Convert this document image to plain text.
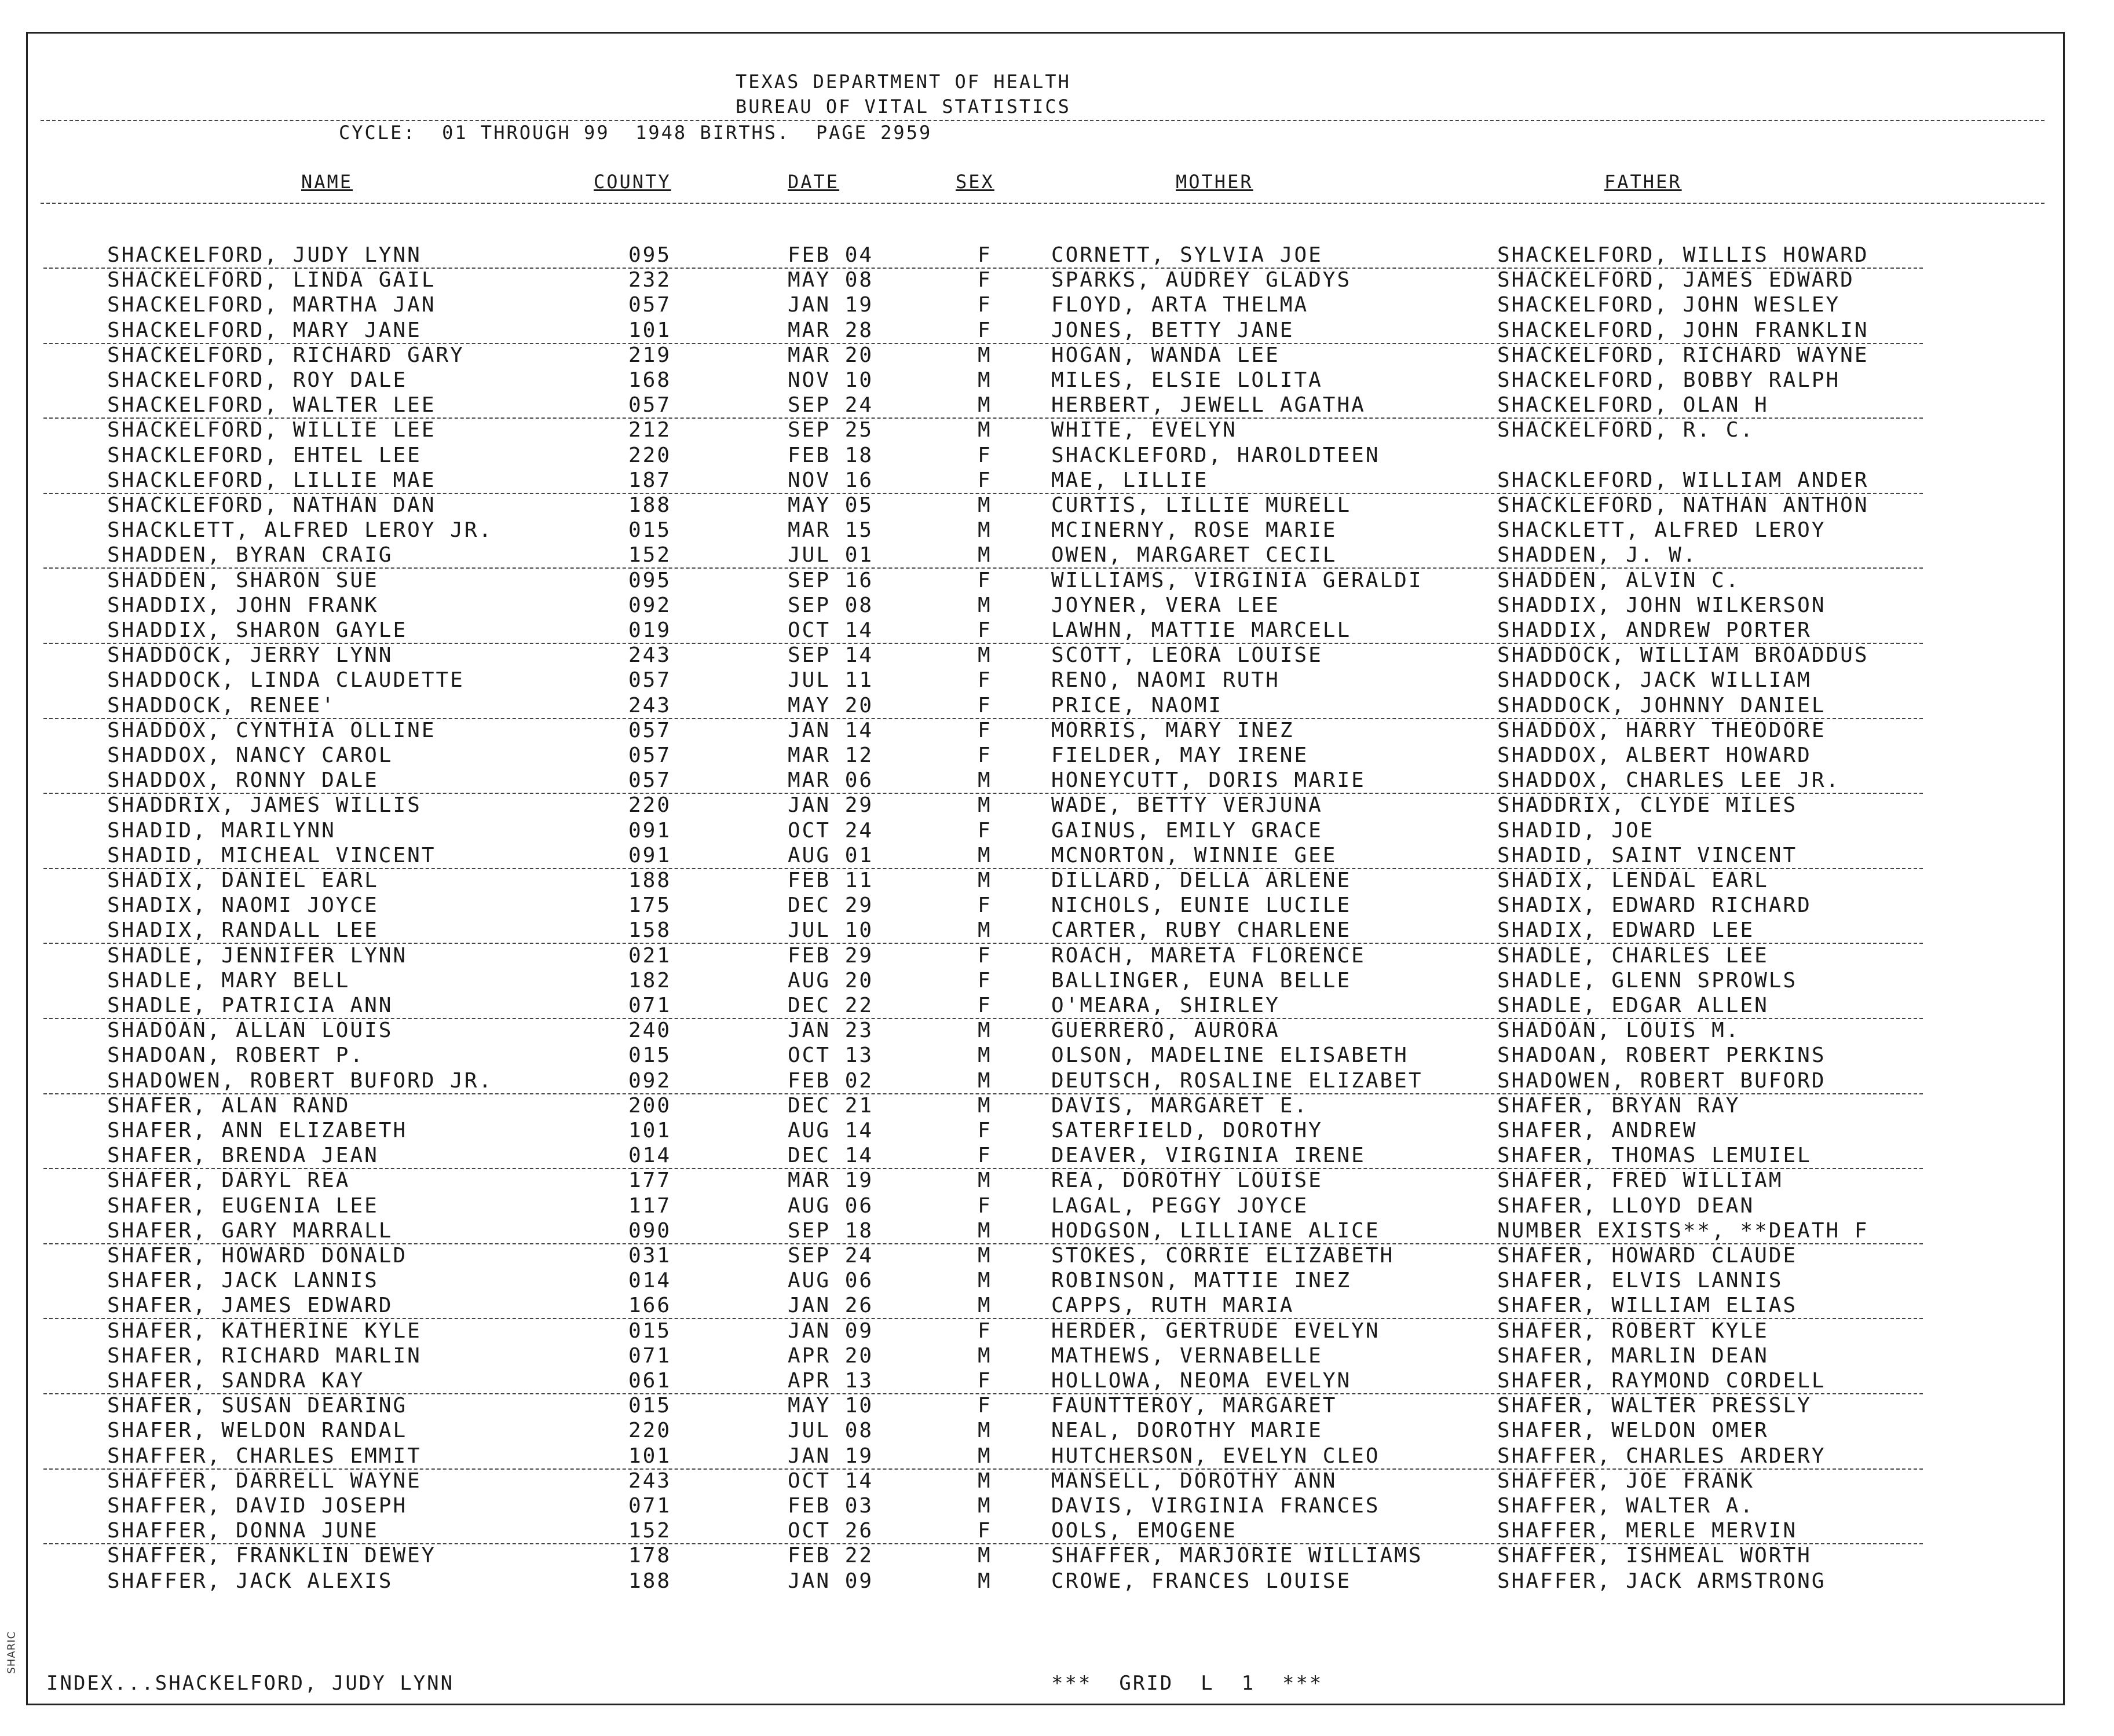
SHARIC
TEXAS DEPARTMENT OF HEALTH
BUREAU OF VITAL STATISTICS
CYCLE:  01 THROUGH 99  1948 BIRTHS.  PAGE 2959
NAME	COUNTY	DATE	SEX	MOTHER	FATHER
SHACKELFORD, JUDY LYNN	095	FEB 04	F	CORNETT, SYLVIA JOE	SHACKELFORD, WILLIS HOWARD
SHACKELFORD, LINDA GAIL	232	MAY 08	F	SPARKS, AUDREY GLADYS	SHACKELFORD, JAMES EDWARD
SHACKELFORD, MARTHA JAN	057	JAN 19	F	FLOYD, ARTA THELMA	SHACKELFORD, JOHN WESLEY
SHACKELFORD, MARY JANE	101	MAR 28	F	JONES, BETTY JANE	SHACKELFORD, JOHN FRANKLIN
SHACKELFORD, RICHARD GARY	219	MAR 20	M	HOGAN, WANDA LEE	SHACKELFORD, RICHARD WAYNE
SHACKELFORD, ROY DALE	168	NOV 10	M	MILES, ELSIE LOLITA	SHACKELFORD, BOBBY RALPH
SHACKELFORD, WALTER LEE	057	SEP 24	M	HERBERT, JEWELL AGATHA	SHACKELFORD, OLAN H
SHACKELFORD, WILLIE LEE	212	SEP 25	M	WHITE, EVELYN	SHACKELFORD, R. C.
SHACKLEFORD, EHTEL LEE	220	FEB 18	F	SHACKLEFORD, HAROLDTEEN
SHACKLEFORD, LILLIE MAE	187	NOV 16	F	MAE, LILLIE	SHACKLEFORD, WILLIAM ANDER
SHACKLEFORD, NATHAN DAN	188	MAY 05	M	CURTIS, LILLIE MURELL	SHACKLEFORD, NATHAN ANTHON
SHACKLETT, ALFRED LEROY JR.	015	MAR 15	M	MCINERNY, ROSE MARIE	SHACKLETT, ALFRED LEROY
SHADDEN, BYRAN CRAIG	152	JUL 01	M	OWEN, MARGARET CECIL	SHADDEN, J. W.
SHADDEN, SHARON SUE	095	SEP 16	F	WILLIAMS, VIRGINIA GERALDI	SHADDEN, ALVIN C.
SHADDIX, JOHN FRANK	092	SEP 08	M	JOYNER, VERA LEE	SHADDIX, JOHN WILKERSON
SHADDIX, SHARON GAYLE	019	OCT 14	F	LAWHN, MATTIE MARCELL	SHADDIX, ANDREW PORTER
SHADDOCK, JERRY LYNN	243	SEP 14	M	SCOTT, LEORA LOUISE	SHADDOCK, WILLIAM BROADDUS
SHADDOCK, LINDA CLAUDETTE	057	JUL 11	F	RENO, NAOMI RUTH	SHADDOCK, JACK WILLIAM
SHADDOCK, RENEE'	243	MAY 20	F	PRICE, NAOMI	SHADDOCK, JOHNNY DANIEL
SHADDOX, CYNTHIA OLLINE	057	JAN 14	F	MORRIS, MARY INEZ	SHADDOX, HARRY THEODORE
SHADDOX, NANCY CAROL	057	MAR 12	F	FIELDER, MAY IRENE	SHADDOX, ALBERT HOWARD
SHADDOX, RONNY DALE	057	MAR 06	M	HONEYCUTT, DORIS MARIE	SHADDOX, CHARLES LEE JR.
SHADDRIX, JAMES WILLIS	220	JAN 29	M	WADE, BETTY VERJUNA	SHADDRIX, CLYDE MILES
SHADID, MARILYNN	091	OCT 24	F	GAINUS, EMILY GRACE	SHADID, JOE
SHADID, MICHEAL VINCENT	091	AUG 01	M	MCNORTON, WINNIE GEE	SHADID, SAINT VINCENT
SHADIX, DANIEL EARL	188	FEB 11	M	DILLARD, DELLA ARLENE	SHADIX, LENDAL EARL
SHADIX, NAOMI JOYCE	175	DEC 29	F	NICHOLS, EUNIE LUCILE	SHADIX, EDWARD RICHARD
SHADIX, RANDALL LEE	158	JUL 10	M	CARTER, RUBY CHARLENE	SHADIX, EDWARD LEE
SHADLE, JENNIFER LYNN	021	FEB 29	F	ROACH, MARETA FLORENCE	SHADLE, CHARLES LEE
SHADLE, MARY BELL	182	AUG 20	F	BALLINGER, EUNA BELLE	SHADLE, GLENN SPROWLS
SHADLE, PATRICIA ANN	071	DEC 22	F	O'MEARA, SHIRLEY	SHADLE, EDGAR ALLEN
SHADOAN, ALLAN LOUIS	240	JAN 23	M	GUERRERO, AURORA	SHADOAN, LOUIS M.
SHADOAN, ROBERT P.	015	OCT 13	M	OLSON, MADELINE ELISABETH	SHADOAN, ROBERT PERKINS
SHADOWEN, ROBERT BUFORD JR.	092	FEB 02	M	DEUTSCH, ROSALINE ELIZABET	SHADOWEN, ROBERT BUFORD
SHAFER, ALAN RAND	200	DEC 21	M	DAVIS, MARGARET E.	SHAFER, BRYAN RAY
SHAFER, ANN ELIZABETH	101	AUG 14	F	SATERFIELD, DOROTHY	SHAFER, ANDREW
SHAFER, BRENDA JEAN	014	DEC 14	F	DEAVER, VIRGINIA IRENE	SHAFER, THOMAS LEMUIEL
SHAFER, DARYL REA	177	MAR 19	M	REA, DOROTHY LOUISE	SHAFER, FRED WILLIAM
SHAFER, EUGENIA LEE	117	AUG 06	F	LAGAL, PEGGY JOYCE	SHAFER, LLOYD DEAN
SHAFER, GARY MARRALL	090	SEP 18	M	HODGSON, LILLIANE ALICE	NUMBER EXISTS**, **DEATH F
SHAFER, HOWARD DONALD	031	SEP 24	M	STOKES, CORRIE ELIZABETH	SHAFER, HOWARD CLAUDE
SHAFER, JACK LANNIS	014	AUG 06	M	ROBINSON, MATTIE INEZ	SHAFER, ELVIS LANNIS
SHAFER, JAMES EDWARD	166	JAN 26	M	CAPPS, RUTH MARIA	SHAFER, WILLIAM ELIAS
SHAFER, KATHERINE KYLE	015	JAN 09	F	HERDER, GERTRUDE EVELYN	SHAFER, ROBERT KYLE
SHAFER, RICHARD MARLIN	071	APR 20	M	MATHEWS, VERNABELLE	SHAFER, MARLIN DEAN
SHAFER, SANDRA KAY	061	APR 13	F	HOLLOWA, NEOMA EVELYN	SHAFER, RAYMOND CORDELL
SHAFER, SUSAN DEARING	015	MAY 10	F	FAUNTTEROY, MARGARET	SHAFER, WALTER PRESSLY
SHAFER, WELDON RANDAL	220	JUL 08	M	NEAL, DOROTHY MARIE	SHAFER, WELDON OMER
SHAFFER, CHARLES EMMIT	101	JAN 19	M	HUTCHERSON, EVELYN CLEO	SHAFFER, CHARLES ARDERY
SHAFFER, DARRELL WAYNE	243	OCT 14	M	MANSELL, DOROTHY ANN	SHAFFER, JOE FRANK
SHAFFER, DAVID JOSEPH	071	FEB 03	M	DAVIS, VIRGINIA FRANCES	SHAFFER, WALTER A.
SHAFFER, DONNA JUNE	152	OCT 26	F	OOLS, EMOGENE	SHAFFER, MERLE MERVIN
SHAFFER, FRANKLIN DEWEY	178	FEB 22	M	SHAFFER, MARJORIE WILLIAMS	SHAFFER, ISHMEAL WORTH
SHAFFER, JACK ALEXIS	188	JAN 09	M	CROWE, FRANCES LOUISE	SHAFFER, JACK ARMSTRONG
INDEX...SHACKELFORD, JUDY LYNN	***  GRID  L  1  ***
